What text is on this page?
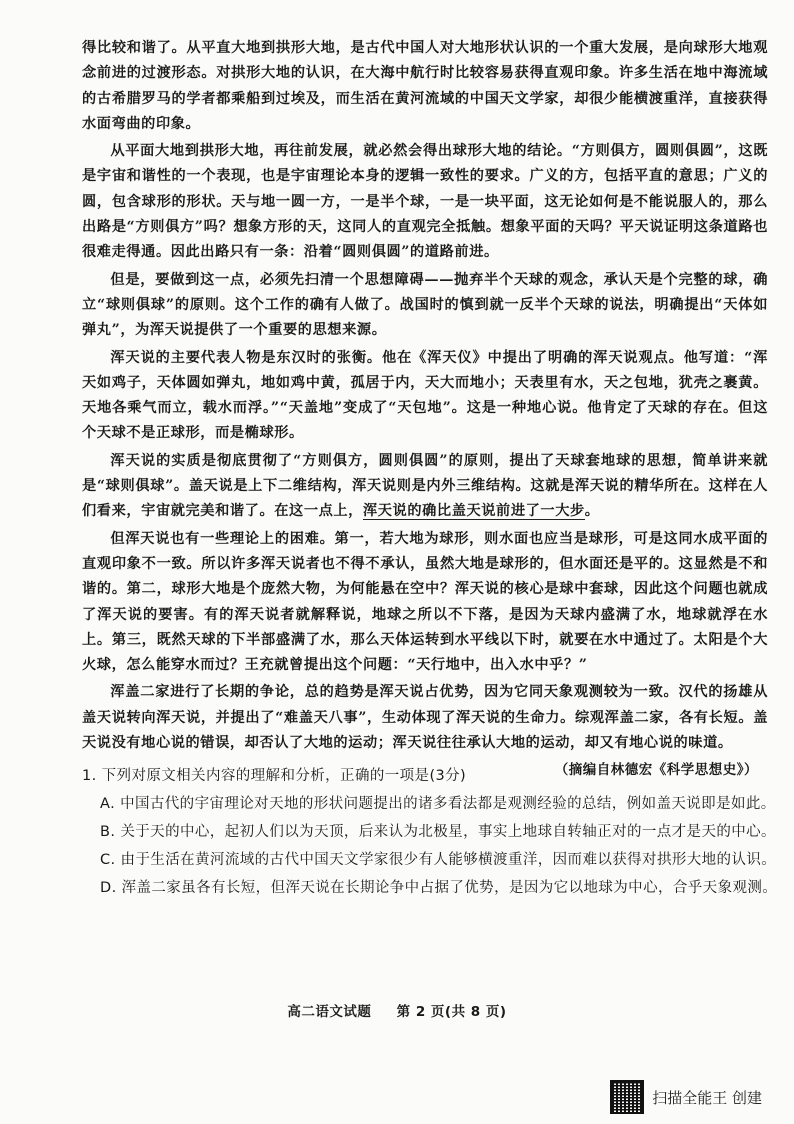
得比较和谐了。从平直大地到拱形大地，是古代中国人对大地形状认识的一个重大发展，是向球形大地观念前进的过渡形态。对拱形大地的认识，在大海中航行时比较容易获得直观印象。许多生活在地中海流域的古希腊罗马的学者都乘船到过埃及，而生活在黄河流域的中国天文学家，却很少能横渡重洋，直接获得水面弯曲的印象。

从平面大地到拱形大地，再往前发展，就必然会得出球形大地的结论。“方则俱方，圆则俱圆”，这既是宇宙和谐性的一个表现，也是宇宙理论本身的逻辑一致性的要求。广义的方，包括平直的意思；广义的圆，包含球形的形状。天与地一圆一方，一是半个球，一是一块平面，这无论如何是不能说服人的，那么出路是“方则俱方”吗？想象方形的天，这同人的直观完全抵触。想象平面的天吗？平天说证明这条道路也很难走得通。因此出路只有一条：沿着“圆则俱圆”的道路前进。

但是，要做到这一点，必须先扫清一个思想障碍——抛弃半个天球的观念，承认天是个完整的球，确立“球则俱球”的原则。这个工作的确有人做了。战国时的慎到就一反半个天球的说法，明确提出“天体如弹丸”，为浑天说提供了一个重要的思想来源。

浑天说的主要代表人物是东汉时的张衡。他在《浑天仪》中提出了明确的浑天说观点。他写道：“浑天如鸡子，天体圆如弹丸，地如鸡中黄，孤居于内，天大而地小；天表里有水，天之包地，犹壳之裹黄。天地各乘气而立，载水而浮。”“天盖地”变成了“天包地”。这是一种地心说。他肯定了天球的存在。但这个天球不是正球形，而是椭球形。

浑天说的实质是彻底贯彻了“方则俱方，圆则俱圆”的原则，提出了天球套地球的思想，简单讲来就是“球则俱球”。盖天说是上下二维结构，浑天说则是内外三维结构。这就是浑天说的精华所在。这样在人们看来，宇宙就完美和谐了。在这一点上，浑天说的确比盖天说前进了一大步。

但浑天说也有一些理论上的困难。第一，若大地为球形，则水面也应当是球形，可是这同水成平面的直观印象不一致。所以许多浑天说者也不得不承认，虽然大地是球形的，但水面还是平的。这显然是不和谐的。第二，球形大地是个庞然大物，为何能悬在空中？浑天说的核心是球中套球，因此这个问题也就成了浑天说的要害。有的浑天说者就解释说，地球之所以不下落，是因为天球内盛满了水，地球就浮在水上。第三，既然天球的下半部盛满了水，那么天体运转到水平线以下时，就要在水中通过了。太阳是个大火球，怎么能穿水而过？王充就曾提出这个问题：“天行地中，出入水中乎？”

浑盖二家进行了长期的争论，总的趋势是浑天说占优势，因为它同天象观测较为一致。汉代的扬雄从盖天说转向浑天说，并提出了“难盖天八事”，生动体现了浑天说的生命力。综观浑盖二家，各有长短。盖天说没有地心说的错误，却否认了大地的运动；浑天说往往承认大地的运动，却又有地心说的味道。

（摘编自林德宏《科学思想史》）

1. 下列对原文相关内容的理解和分析，正确的一项是(3分)

A. 中国古代的宇宙理论对天地的形状问题提出的诸多看法都是观测经验的总结，例如盖天说即是如此。

B. 关于天的中心，起初人们以为天顶，后来认为北极星，事实上地球自转轴正对的一点才是天的中心。

C. 由于生活在黄河流域的古代中国天文学家很少有人能够横渡重洋，因而难以获得对拱形大地的认识。

D. 浑盖二家虽各有长短，但浑天说在长期论争中占据了优势，是因为它以地球为中心，合乎天象观测。

高二语文试题 第 2 页(共 8 页)
扫描全能王 创建
